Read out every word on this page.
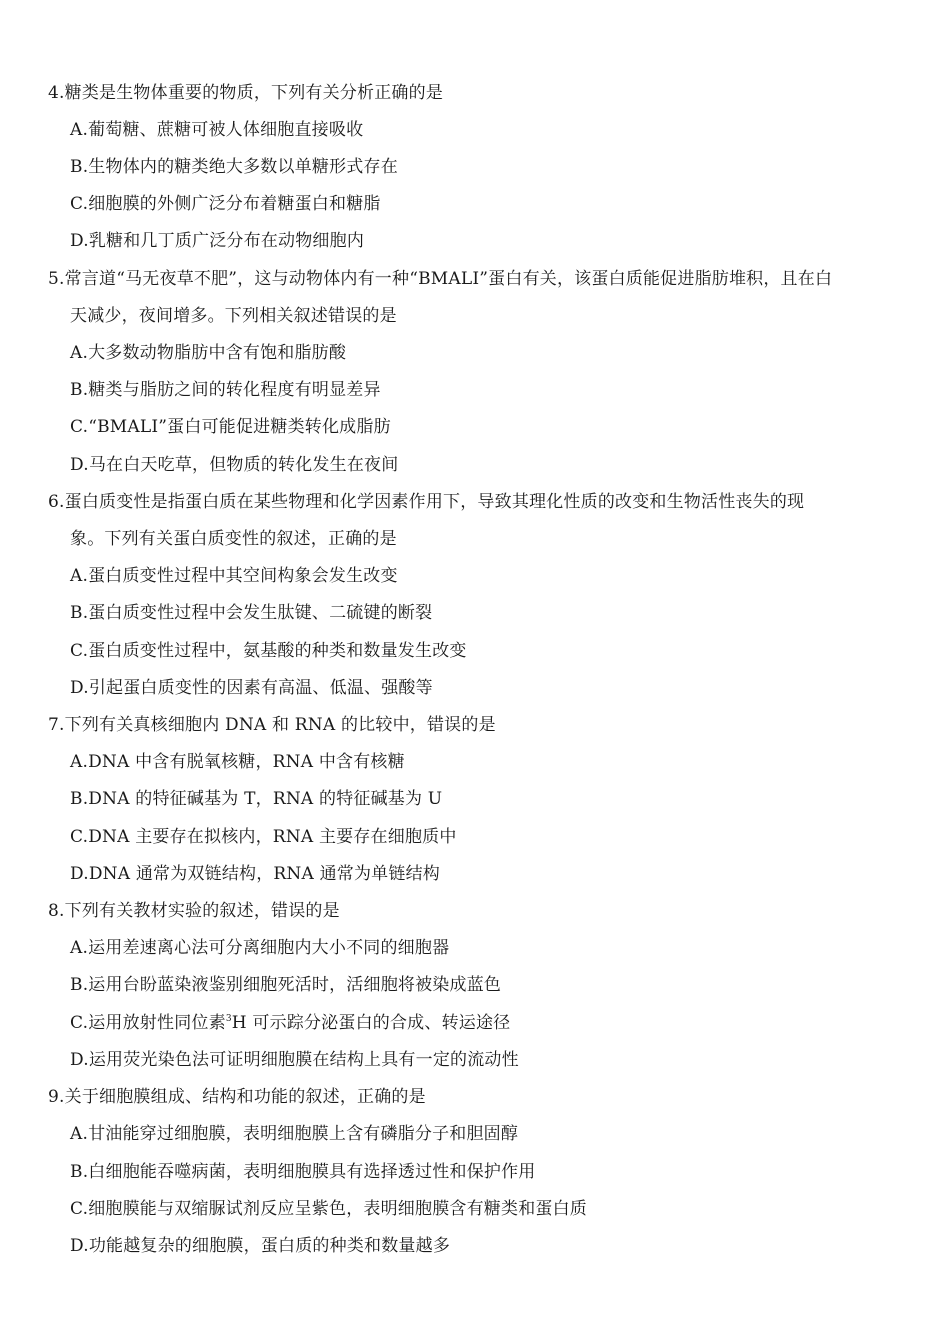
4.糖类是生物体重要的物质，下列有关分析正确的是
A.葡萄糖、蔗糖可被人体细胞直接吸收
B.生物体内的糖类绝大多数以单糖形式存在
C.细胞膜的外侧广泛分布着糖蛋白和糖脂
D.乳糖和几丁质广泛分布在动物细胞内
5.常言道“马无夜草不肥”，这与动物体内有一种“BMALI”蛋白有关，该蛋白质能促进脂肪堆积，且在白
天减少，夜间增多。下列相关叙述错误的是
A.大多数动物脂肪中含有饱和脂肪酸
B.糖类与脂肪之间的转化程度有明显差异
C.“BMALI”蛋白可能促进糖类转化成脂肪
D.马在白天吃草，但物质的转化发生在夜间
6.蛋白质变性是指蛋白质在某些物理和化学因素作用下，导致其理化性质的改变和生物活性丧失的现
象。下列有关蛋白质变性的叙述，正确的是
A.蛋白质变性过程中其空间构象会发生改变
B.蛋白质变性过程中会发生肽键、二硫键的断裂
C.蛋白质变性过程中，氨基酸的种类和数量发生改变
D.引起蛋白质变性的因素有高温、低温、强酸等
7.下列有关真核细胞内 DNA 和 RNA 的比较中，错误的是
A.DNA 中含有脱氧核糖，RNA 中含有核糖
B.DNA 的特征碱基为 T，RNA 的特征碱基为 U
C.DNA 主要存在拟核内，RNA 主要存在细胞质中
D.DNA 通常为双链结构，RNA 通常为单链结构
8.下列有关教材实验的叙述，错误的是
A.运用差速离心法可分离细胞内大小不同的细胞器
B.运用台盼蓝染液鉴别细胞死活时，活细胞将被染成蓝色
C.运用放射性同位素$^3$H 可示踪分泌蛋白的合成、转运途径
D.运用荧光染色法可证明细胞膜在结构上具有一定的流动性
9.关于细胞膜组成、结构和功能的叙述，正确的是
A.甘油能穿过细胞膜，表明细胞膜上含有磷脂分子和胆固醇
B.白细胞能吞噬病菌，表明细胞膜具有选择透过性和保护作用
C.细胞膜能与双缩脲试剂反应呈紫色，表明细胞膜含有糖类和蛋白质
D.功能越复杂的细胞膜，蛋白质的种类和数量越多
